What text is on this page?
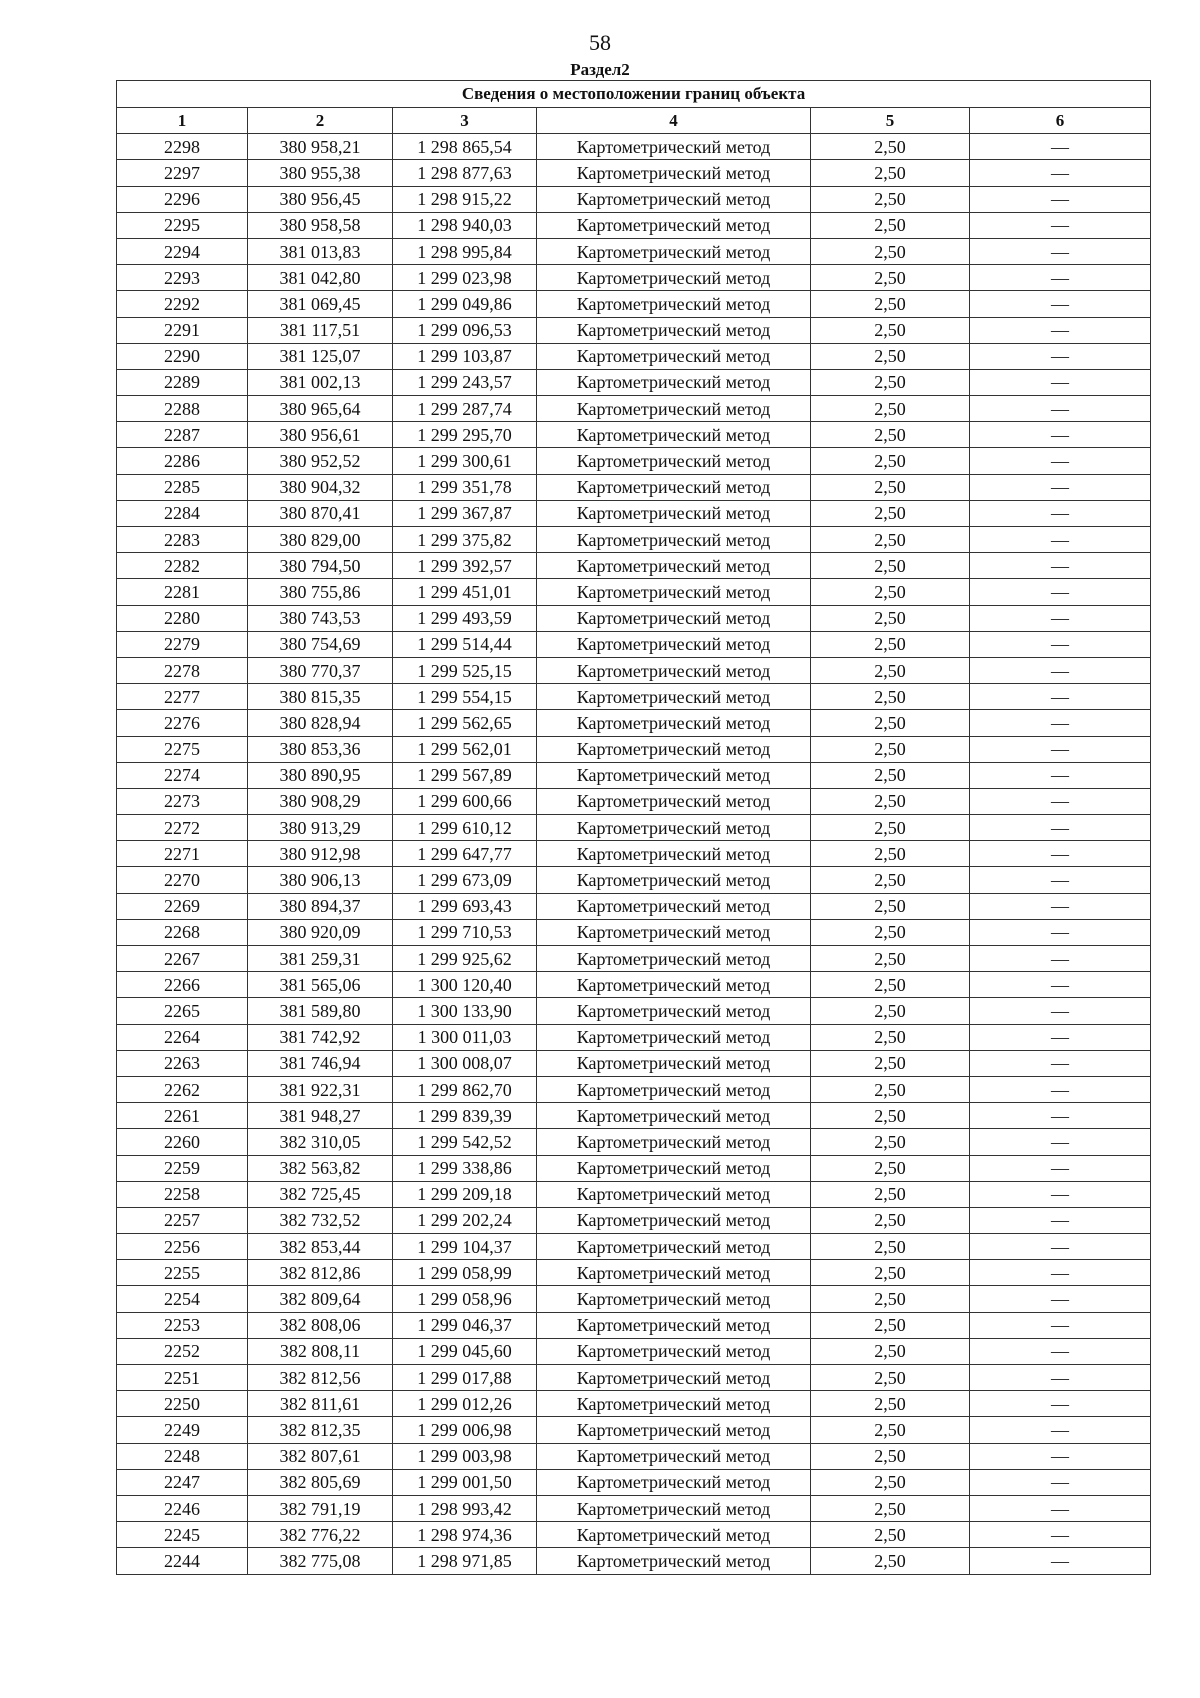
58
Раздел2
Сведения о местоположении границ объекта					
1	2	3	4	5	6
2298	380 958,21	1 298 865,54	Картометрический метод	2,50	—
2297	380 955,38	1 298 877,63	Картометрический метод	2,50	—
2296	380 956,45	1 298 915,22	Картометрический метод	2,50	—
2295	380 958,58	1 298 940,03	Картометрический метод	2,50	—
2294	381 013,83	1 298 995,84	Картометрический метод	2,50	—
2293	381 042,80	1 299 023,98	Картометрический метод	2,50	—
2292	381 069,45	1 299 049,86	Картометрический метод	2,50	—
2291	381 117,51	1 299 096,53	Картометрический метод	2,50	—
2290	381 125,07	1 299 103,87	Картометрический метод	2,50	—
2289	381 002,13	1 299 243,57	Картометрический метод	2,50	—
2288	380 965,64	1 299 287,74	Картометрический метод	2,50	—
2287	380 956,61	1 299 295,70	Картометрический метод	2,50	—
2286	380 952,52	1 299 300,61	Картометрический метод	2,50	—
2285	380 904,32	1 299 351,78	Картометрический метод	2,50	—
2284	380 870,41	1 299 367,87	Картометрический метод	2,50	—
2283	380 829,00	1 299 375,82	Картометрический метод	2,50	—
2282	380 794,50	1 299 392,57	Картометрический метод	2,50	—
2281	380 755,86	1 299 451,01	Картометрический метод	2,50	—
2280	380 743,53	1 299 493,59	Картометрический метод	2,50	—
2279	380 754,69	1 299 514,44	Картометрический метод	2,50	—
2278	380 770,37	1 299 525,15	Картометрический метод	2,50	—
2277	380 815,35	1 299 554,15	Картометрический метод	2,50	—
2276	380 828,94	1 299 562,65	Картометрический метод	2,50	—
2275	380 853,36	1 299 562,01	Картометрический метод	2,50	—
2274	380 890,95	1 299 567,89	Картометрический метод	2,50	—
2273	380 908,29	1 299 600,66	Картометрический метод	2,50	—
2272	380 913,29	1 299 610,12	Картометрический метод	2,50	—
2271	380 912,98	1 299 647,77	Картометрический метод	2,50	—
2270	380 906,13	1 299 673,09	Картометрический метод	2,50	—
2269	380 894,37	1 299 693,43	Картометрический метод	2,50	—
2268	380 920,09	1 299 710,53	Картометрический метод	2,50	—
2267	381 259,31	1 299 925,62	Картометрический метод	2,50	—
2266	381 565,06	1 300 120,40	Картометрический метод	2,50	—
2265	381 589,80	1 300 133,90	Картометрический метод	2,50	—
2264	381 742,92	1 300 011,03	Картометрический метод	2,50	—
2263	381 746,94	1 300 008,07	Картометрический метод	2,50	—
2262	381 922,31	1 299 862,70	Картометрический метод	2,50	—
2261	381 948,27	1 299 839,39	Картометрический метод	2,50	—
2260	382 310,05	1 299 542,52	Картометрический метод	2,50	—
2259	382 563,82	1 299 338,86	Картометрический метод	2,50	—
2258	382 725,45	1 299 209,18	Картометрический метод	2,50	—
2257	382 732,52	1 299 202,24	Картометрический метод	2,50	—
2256	382 853,44	1 299 104,37	Картометрический метод	2,50	—
2255	382 812,86	1 299 058,99	Картометрический метод	2,50	—
2254	382 809,64	1 299 058,96	Картометрический метод	2,50	—
2253	382 808,06	1 299 046,37	Картометрический метод	2,50	—
2252	382 808,11	1 299 045,60	Картометрический метод	2,50	—
2251	382 812,56	1 299 017,88	Картометрический метод	2,50	—
2250	382 811,61	1 299 012,26	Картометрический метод	2,50	—
2249	382 812,35	1 299 006,98	Картометрический метод	2,50	—
2248	382 807,61	1 299 003,98	Картометрический метод	2,50	—
2247	382 805,69	1 299 001,50	Картометрический метод	2,50	—
2246	382 791,19	1 298 993,42	Картометрический метод	2,50	—
2245	382 776,22	1 298 974,36	Картометрический метод	2,50	—
2244	382 775,08	1 298 971,85	Картометрический метод	2,50	—
